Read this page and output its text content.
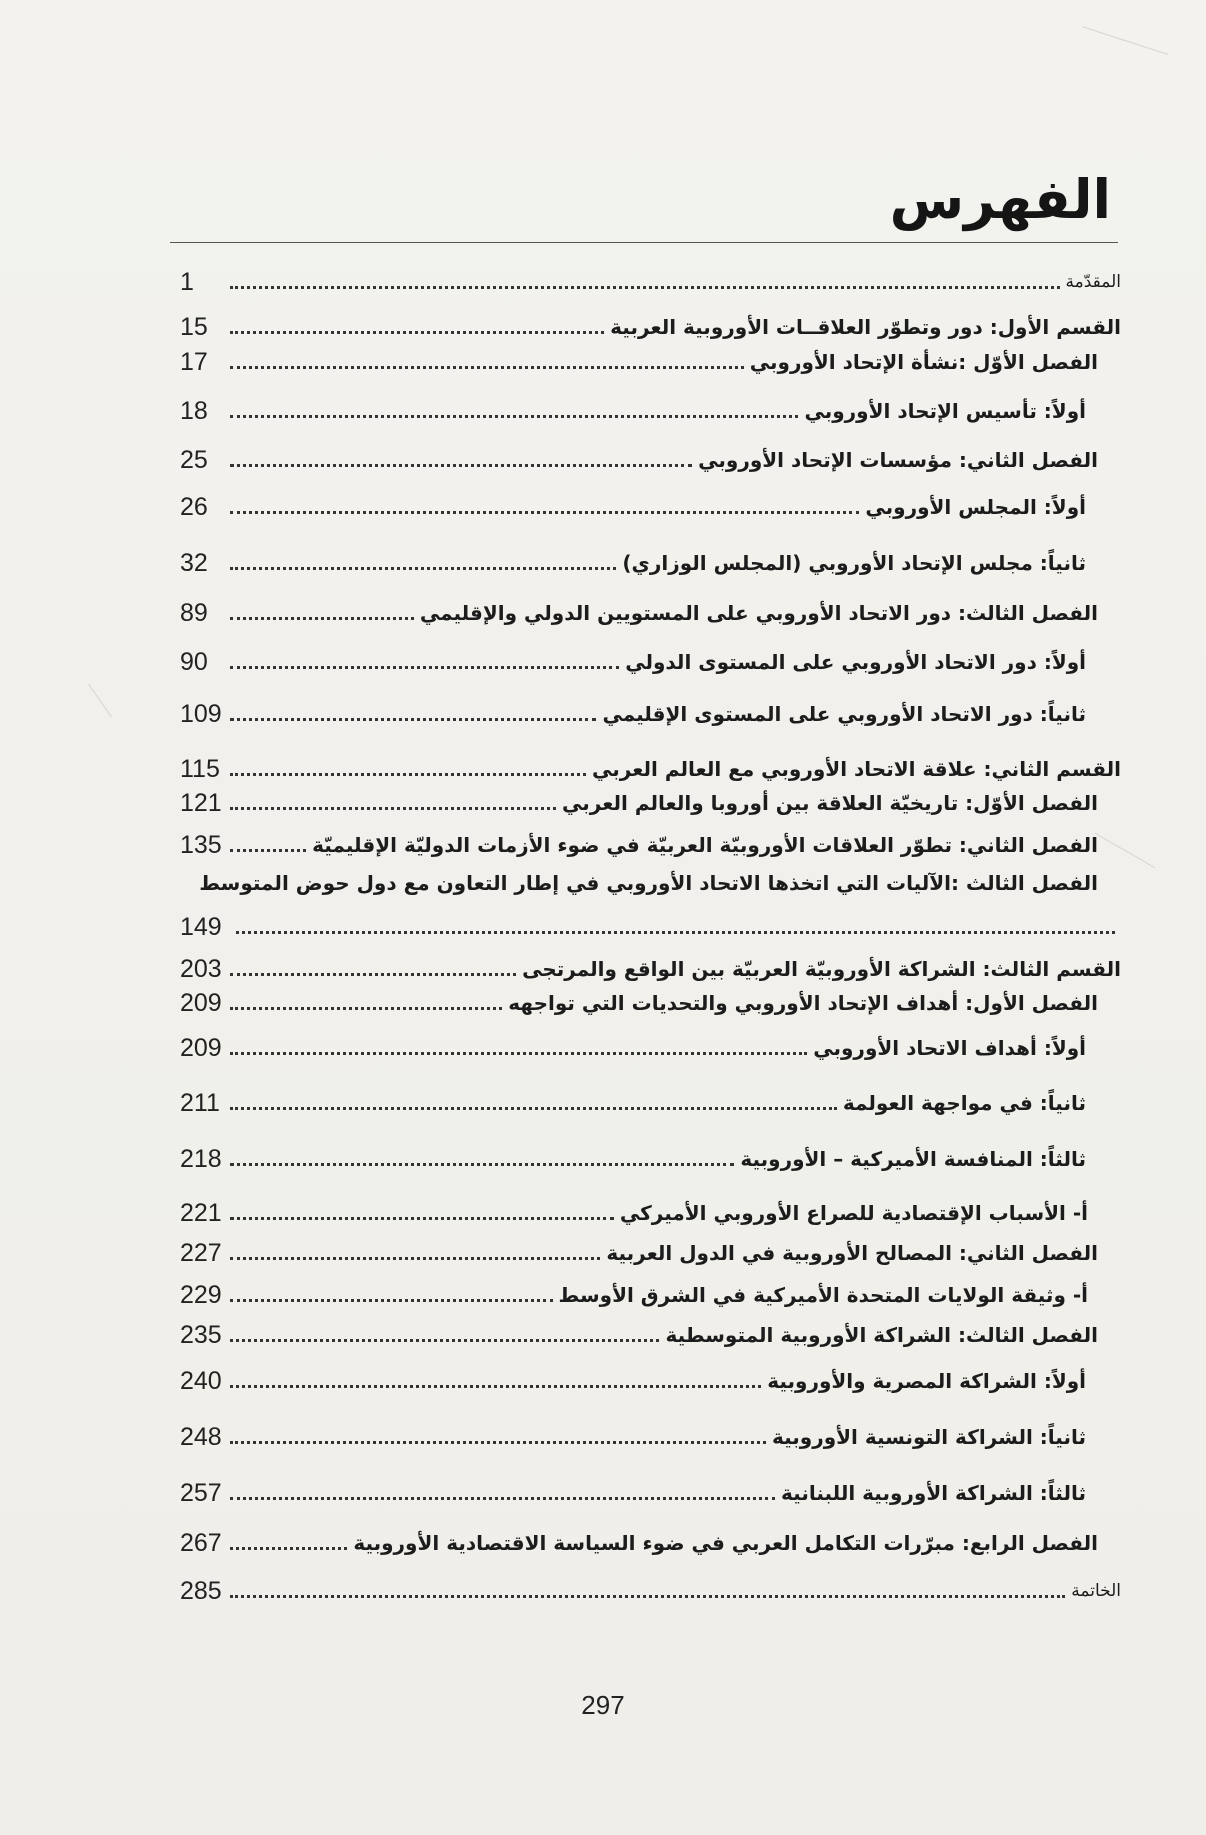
الفهرس
المقدّمة
1
القسم الأول: دور وتطوّر العلاقــات الأوروبية العربية
15
الفصل الأوّل :نشأة الإتحاد الأوروبي
17
أولاً: تأسيس الإتحاد الأوروبي
18
الفصل الثاني: مؤسسات الإتحاد الأوروبي
25
أولاً: المجلس الأوروبي
26
ثانياً: مجلس الإتحاد الأوروبي (المجلس الوزاري)
32
الفصل الثالث: دور الاتحاد الأوروبي على المستويين الدولي والإقليمي
89
أولاً: دور الاتحاد الأوروبي على المستوى الدولي
90
ثانياً: دور الاتحاد الأوروبي على المستوى الإقليمي
109
القسم الثاني: علاقة الاتحاد الأوروبي مع العالم العربي
115
الفصل الأوّل: تاريخيّة العلاقة بين أوروبا والعالم العربي
121
الفصل الثاني: تطوّر العلاقات الأوروبيّة العربيّة في ضوء الأزمات الدوليّة الإقليميّة
135
الفصل الثالث :الآليات التي اتخذها الاتحاد الأوروبي في إطار التعاون مع دول حوض المتوسط
149
القسم الثالث: الشراكة الأوروبيّة العربيّة بين الواقع والمرتجى
203
الفصل الأول: أهداف الإتحاد الأوروبي والتحديات التي تواجهه
209
أولاً: أهداف الاتحاد الأوروبي
209
ثانياً: في مواجهة العولمة
211
ثالثاً: المنافسة الأميركية – الأوروبية
218
أ- الأسباب الإقتصادية للصراع الأوروبي الأميركي
221
الفصل الثاني: المصالح الأوروبية في الدول العربية
227
أ- وثيقة الولايات المتحدة الأميركية في الشرق الأوسط
229
الفصل الثالث: الشراكة الأوروبية المتوسطية
235
أولاً: الشراكة المصرية والأوروبية
240
ثانياً: الشراكة التونسية الأوروبية
248
ثالثاً: الشراكة الأوروبية اللبنانية
257
الفصل الرابع: مبرّرات التكامل العربي في ضوء السياسة الاقتصادية الأوروبية
267
الخاتمة
285
297
